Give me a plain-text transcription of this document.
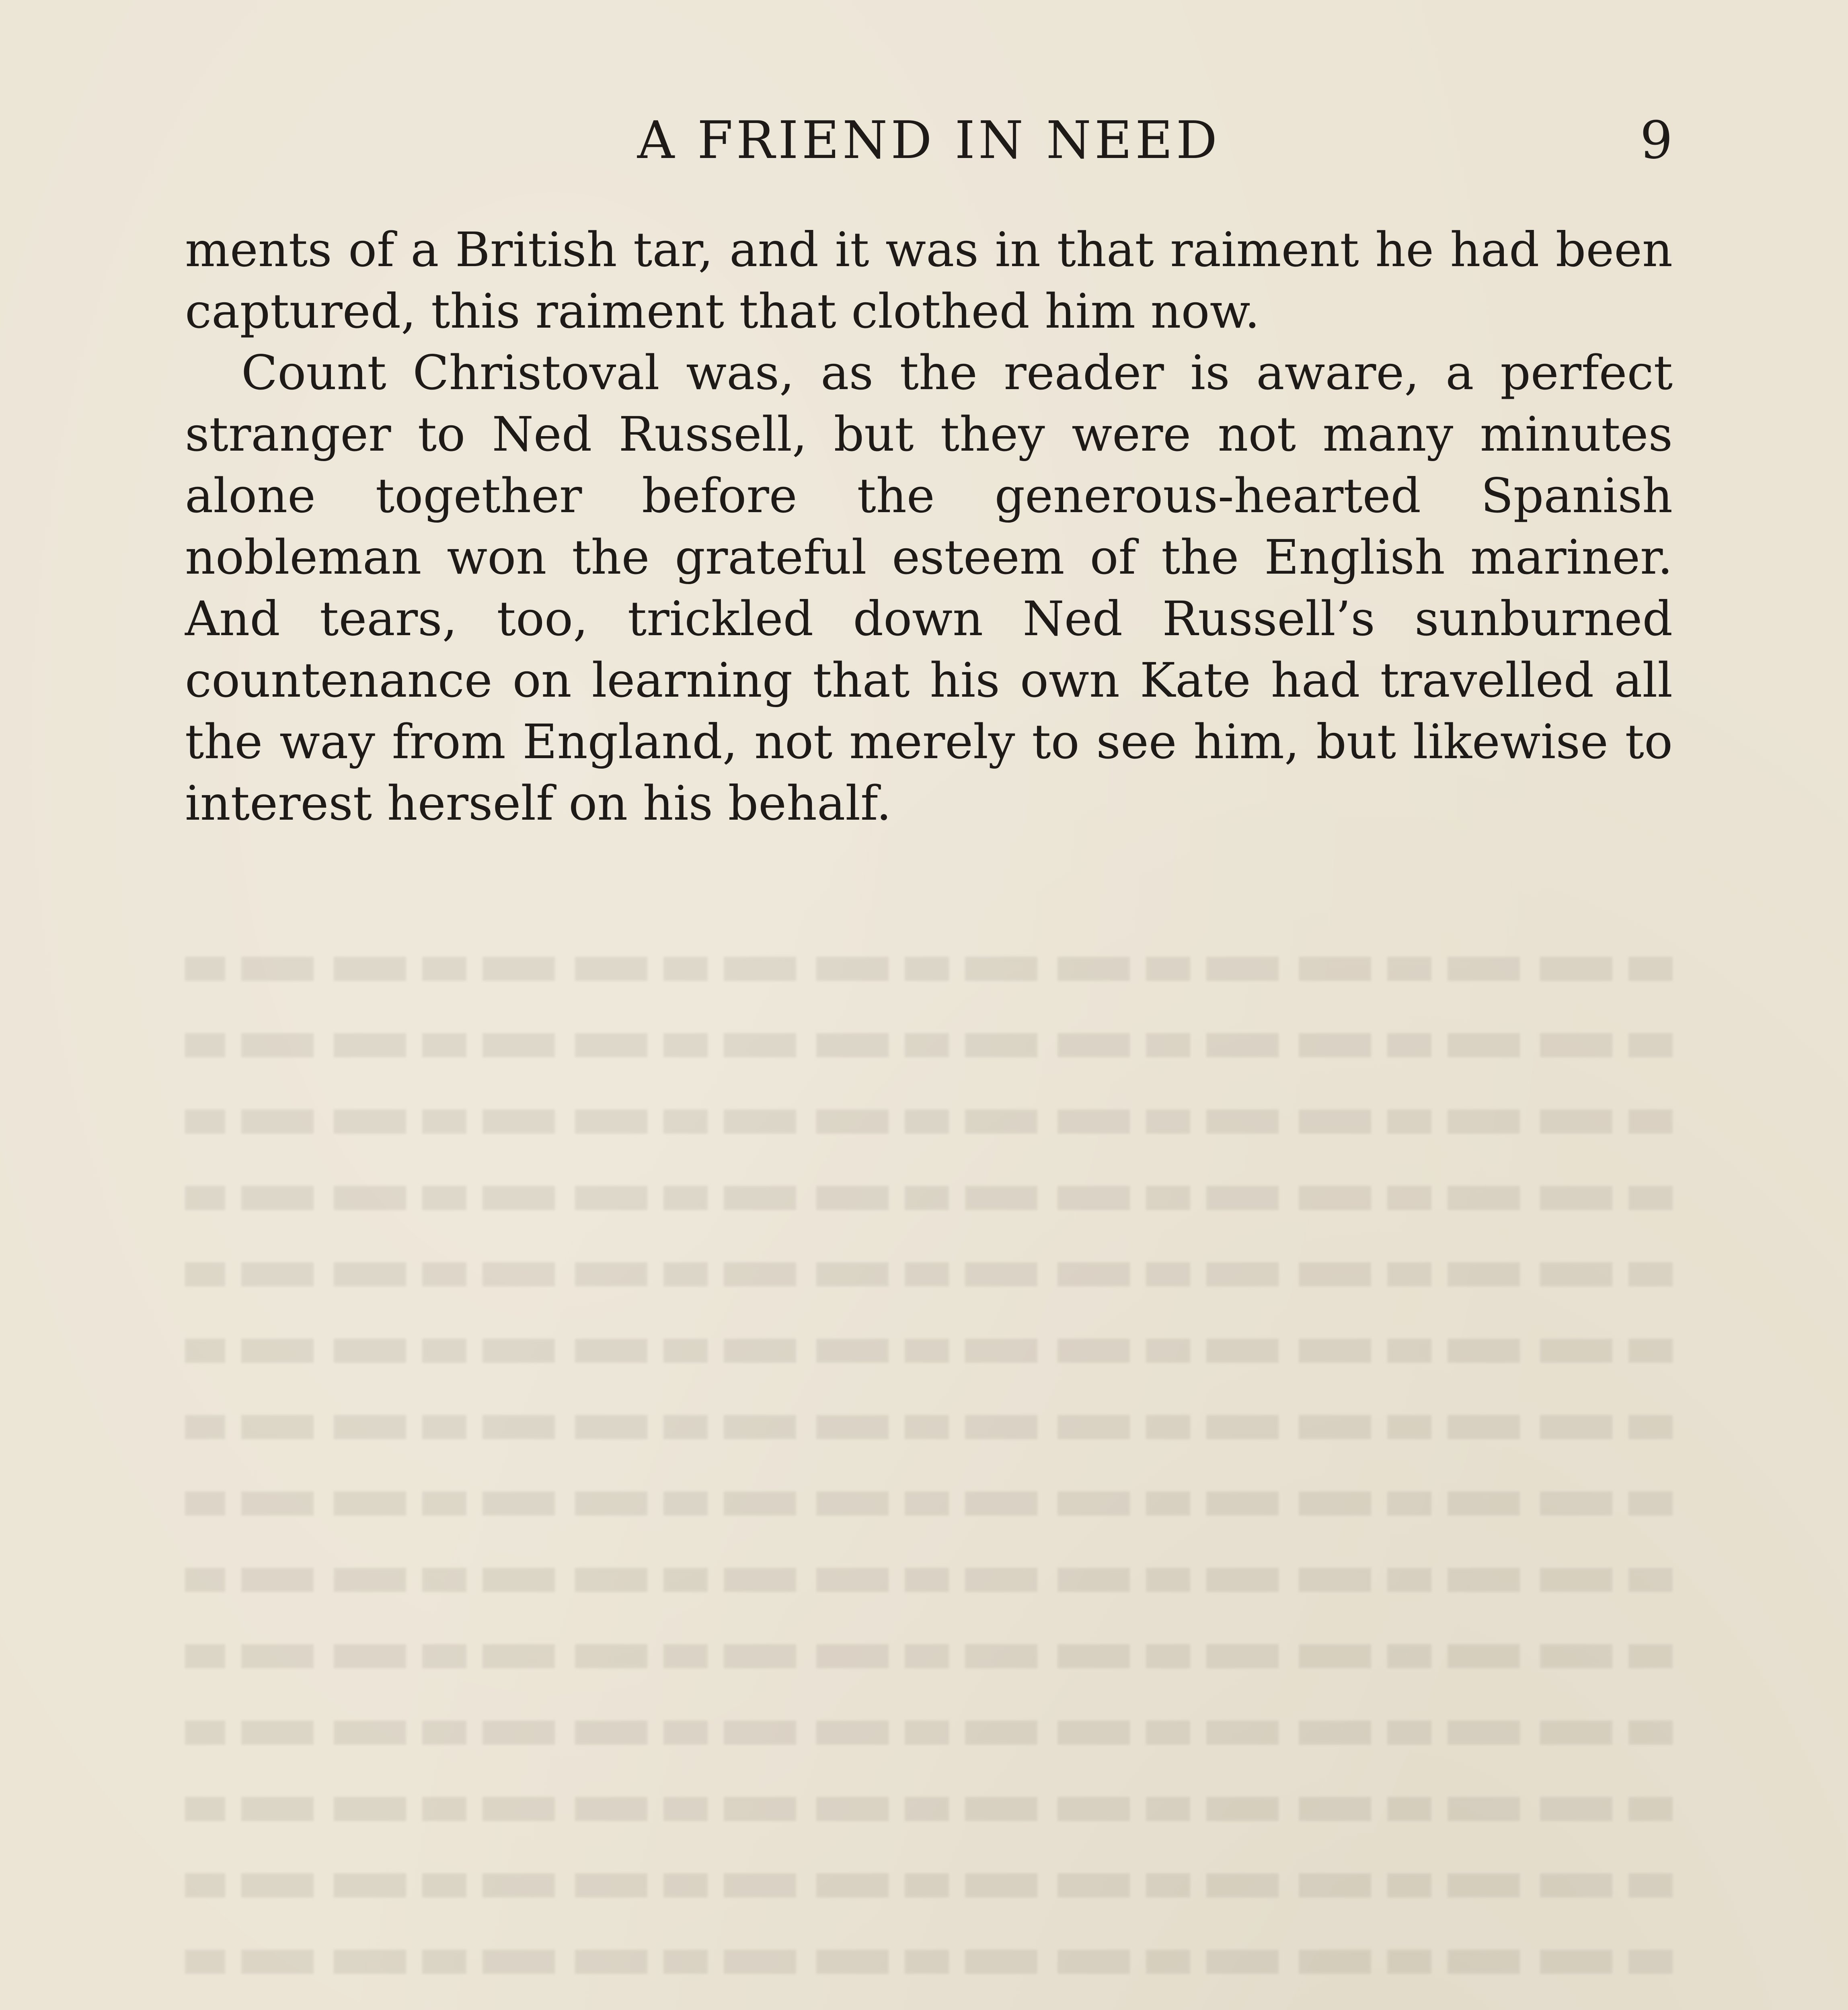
A FRIEND IN NEED	9

ments of a British tar, and it was in that raiment he had been captured, this raiment that clothed him now.

Count Christoval was, as the reader is aware, a perfect stranger to Ned Russell, but they were not many minutes alone together before the generous-hearted Spanish nobleman won the grateful esteem of the English mariner. And tears, too, trickled down Ned Russell’s sunburned countenance on learning that his own Kate had travelled all the way from England, not merely to see him, but likewise to interest herself on his behalf.
